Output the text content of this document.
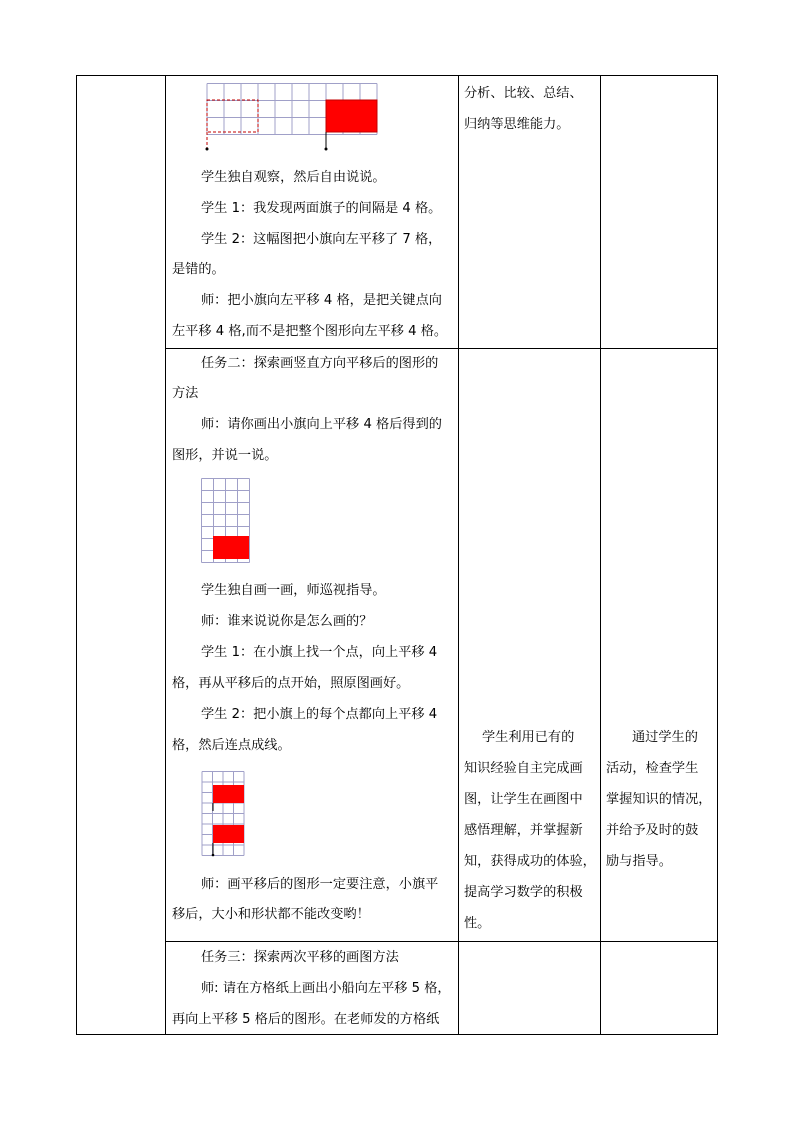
学生独自观察，然后自由说说。
学生 1：我发现两面旗子的间隔是 4 格。
学生 2：这幅图把小旗向左平移了 7 格，
是错的。
师：把小旗向左平移 4 格，是把关键点向
左平移 4 格,而不是把整个图形向左平移 4 格。
分析、比较、总结、
归纳等思维能力。
任务二：探索画竖直方向平移后的图形的
方法
师：请你画出小旗向上平移 4 格后得到的
图形，并说一说。
学生独自画一画，师巡视指导。
师：谁来说说你是怎么画的？
学生 1：在小旗上找一个点，向上平移 4
格，再从平移后的点开始，照原图画好。
学生 2：把小旗上的每个点都向上平移 4
格，然后连点成线。
师：画平移后的图形一定要注意，小旗平
移后，大小和形状都不能改变哟！
学生利用已有的
知识经验自主完成画
图，让学生在画图中
感悟理解，并掌握新
知，获得成功的体验，
提高学习数学的积极
性。
通过学生的
活动，检查学生
掌握知识的情况，
并给予及时的鼓
励与指导。
任务三：探索两次平移的画图方法
师: 请在方格纸上画出小船向左平移 5 格，
再向上平移 5 格后的图形。在老师发的方格纸
